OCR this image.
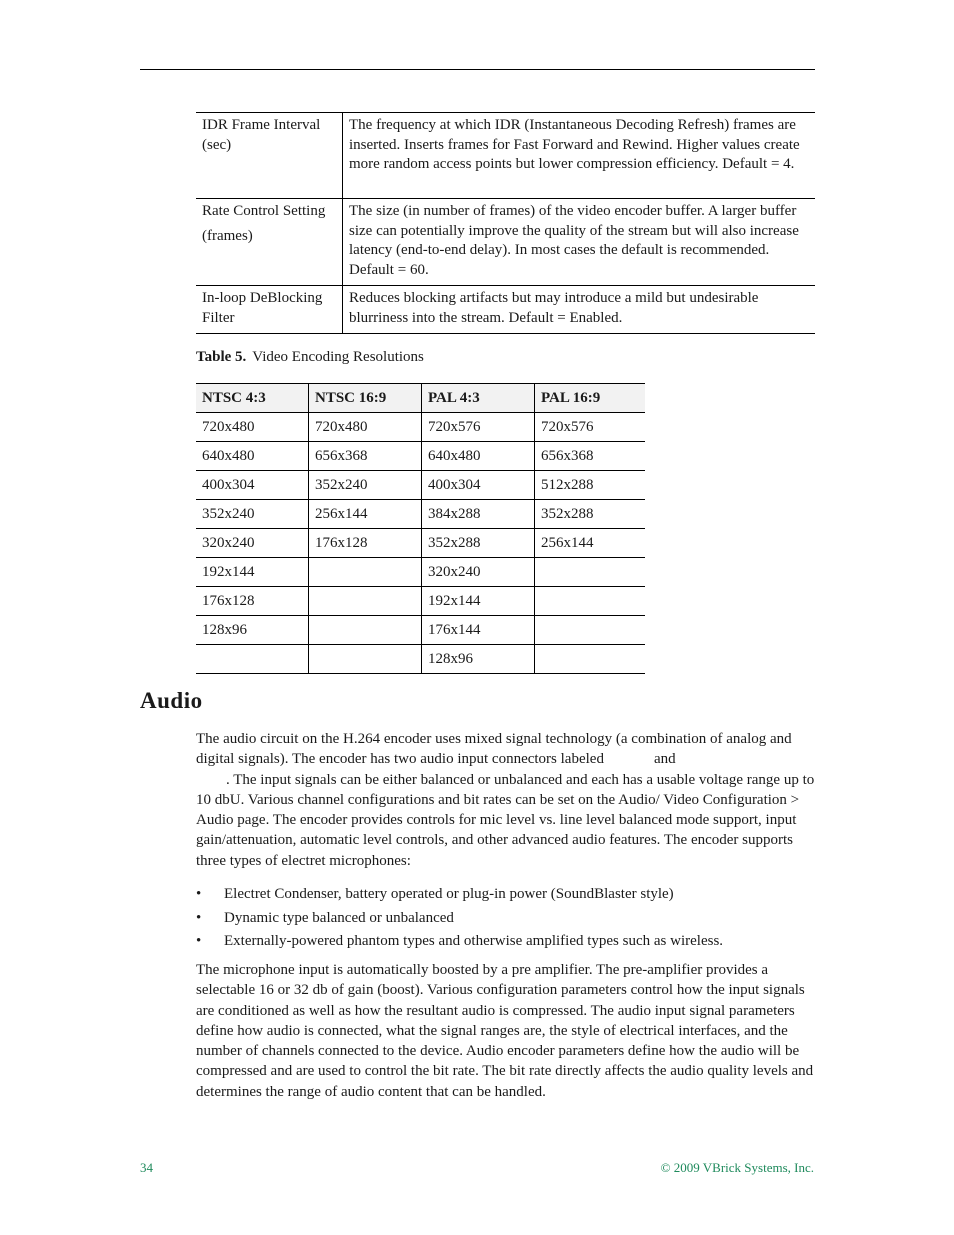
IDR Frame Interval (sec)	The frequency at which IDR (Instantaneous Decoding Refresh) frames are inserted. Inserts frames for Fast Forward and Rewind. Higher values create more random access points but lower compression efficiency. Default = 4.

Rate Control Setting
(frames)	The size (in number of frames) of the video encoder buffer. A larger buffer size can potentially improve the quality of the stream but will also increase latency (end-to-end delay). In most cases the default is recommended. Default = 60.
In-loop DeBlocking Filter	Reduces blocking artifacts but may introduce a mild but undesirable blurriness into the stream. Default = Enabled.
Table 5. Video Encoding Resolutions
NTSC 4:3	NTSC 16:9	PAL 4:3	PAL 16:9
720x480	720x480	720x576	720x576
640x480	656x368	640x480	656x368
400x304	352x240	400x304	512x288
352x240	256x144	384x288	352x288
320x240	176x128	352x288	256x144
192x144		320x240	
176x128		192x144	
128x96		176x144	
		128x96	
Audio

The audio circuit on the H.264 encoder uses mixed signal technology (a combination of analog and digital signals). The encoder has two audio input connectors labeled	and
. The input signals can be either balanced or unbalanced and each has a usable voltage range up to 10 dbU. Various channel configurations and bit rates can be set on the Audio/ Video Configuration > Audio page. The encoder provides controls for mic level vs. line level balanced mode support, input gain/attenuation, automatic level controls, and other advanced audio features. The encoder supports three types of electret microphones:

• Electret Condenser, battery operated or plug-in power (SoundBlaster style)
• Dynamic type balanced or unbalanced
• Externally-powered phantom types and otherwise amplified types such as wireless.

The microphone input is automatically boosted by a pre amplifier. The pre-amplifier provides a selectable 16 or 32 db of gain (boost). Various configuration parameters control how the input signals are conditioned as well as how the resultant audio is compressed. The audio input signal parameters define how audio is connected, what the signal ranges are, the style of electrical interfaces, and the number of channels connected to the device. Audio encoder parameters define how the audio will be compressed and are used to control the bit rate. The bit rate directly affects the audio quality levels and determines the range of audio content that can be handled.

34	© 2009 VBrick Systems, Inc.
